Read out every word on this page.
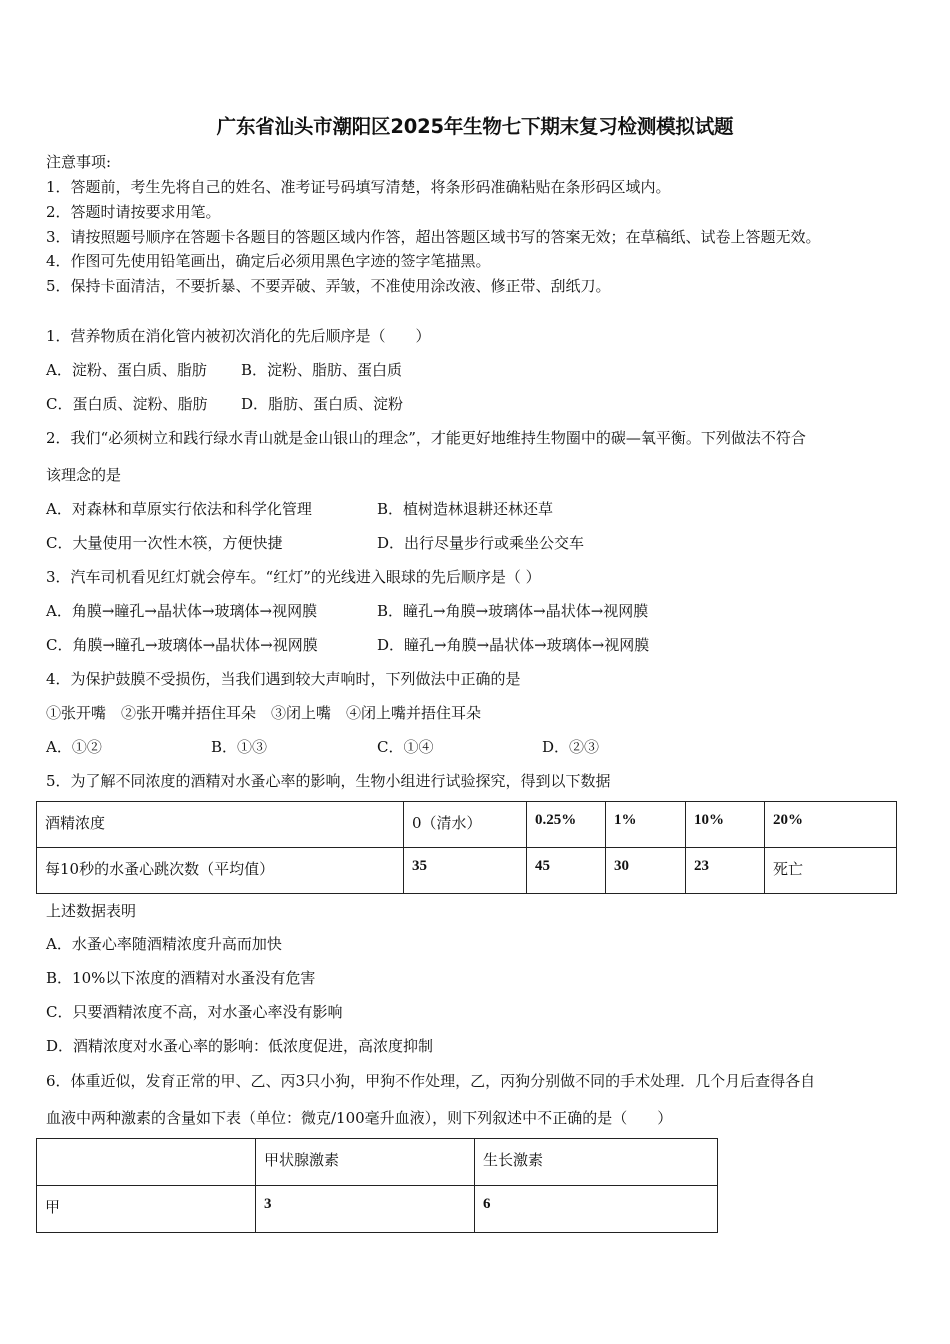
广东省汕头市潮阳区2025年生物七下期末复习检测模拟试题
注意事项:
1．答题前，考生先将自己的姓名、准考证号码填写清楚，将条形码准确粘贴在条形码区域内。
2．答题时请按要求用笔。
3．请按照题号顺序在答题卡各题目的答题区域内作答，超出答题区域书写的答案无效；在草稿纸、试卷上答题无效。
4．作图可先使用铅笔画出，确定后必须用黑色字迹的签字笔描黑。
5．保持卡面清洁，不要折暴、不要弄破、弄皱，不准使用涂改液、修正带、刮纸刀。
1．营养物质在消化管内被初次消化的先后顺序是（　　）
A．淀粉、蛋白质、脂肪 B．淀粉、脂肪、蛋白质
C．蛋白质、淀粉、脂肪 D．脂肪、蛋白质、淀粉
2．我们“必须树立和践行绿水青山就是金山银山的理念”，才能更好地维持生物圈中的碳—氧平衡。下列做法不符合
该理念的是
A．对森林和草原实行依法和科学化管理	B．植树造林退耕还林还草
C．大量使用一次性木筷，方便快捷	D．出行尽量步行或乘坐公交车
3．汽车司机看见红灯就会停车。“红灯”的光线进入眼球的先后顺序是（ ）
A．角膜→瞳孔→晶状体→玻璃体→视网膜	B．瞳孔→角膜→玻璃体→晶状体→视网膜
C．角膜→瞳孔→玻璃体→晶状体→视网膜	D．瞳孔→角膜→晶状体→玻璃体→视网膜
4．为保护鼓膜不受损伤，当我们遇到较大声响时，下列做法中正确的是
①张开嘴　②张开嘴并捂住耳朵　③闭上嘴　④闭上嘴并捂住耳朵
A．①②	B．①③	C．①④	D．②③
5．为了解不同浓度的酒精对水蚤心率的影响，生物小组进行试验探究，得到以下数据
酒精浓度	0（清水）	0.25%	1%	10%	20%
每10秒的水蚤心跳次数（平均值）	35	45	30	23	死亡
上述数据表明
A．水蚤心率随酒精浓度升高而加快
B．10%以下浓度的酒精对水蚤没有危害
C．只要酒精浓度不高，对水蚤心率没有影响
D．酒精浓度对水蚤心率的影响：低浓度促进，高浓度抑制
6．体重近似，发育正常的甲、乙、丙3只小狗，甲狗不作处理，乙，丙狗分别做不同的手术处理．几个月后查得各自
血液中两种激素的含量如下表（单位：微克/100毫升血液），则下列叙述中不正确的是（　　）
	甲状腺激素	生长激素
甲	3	6
